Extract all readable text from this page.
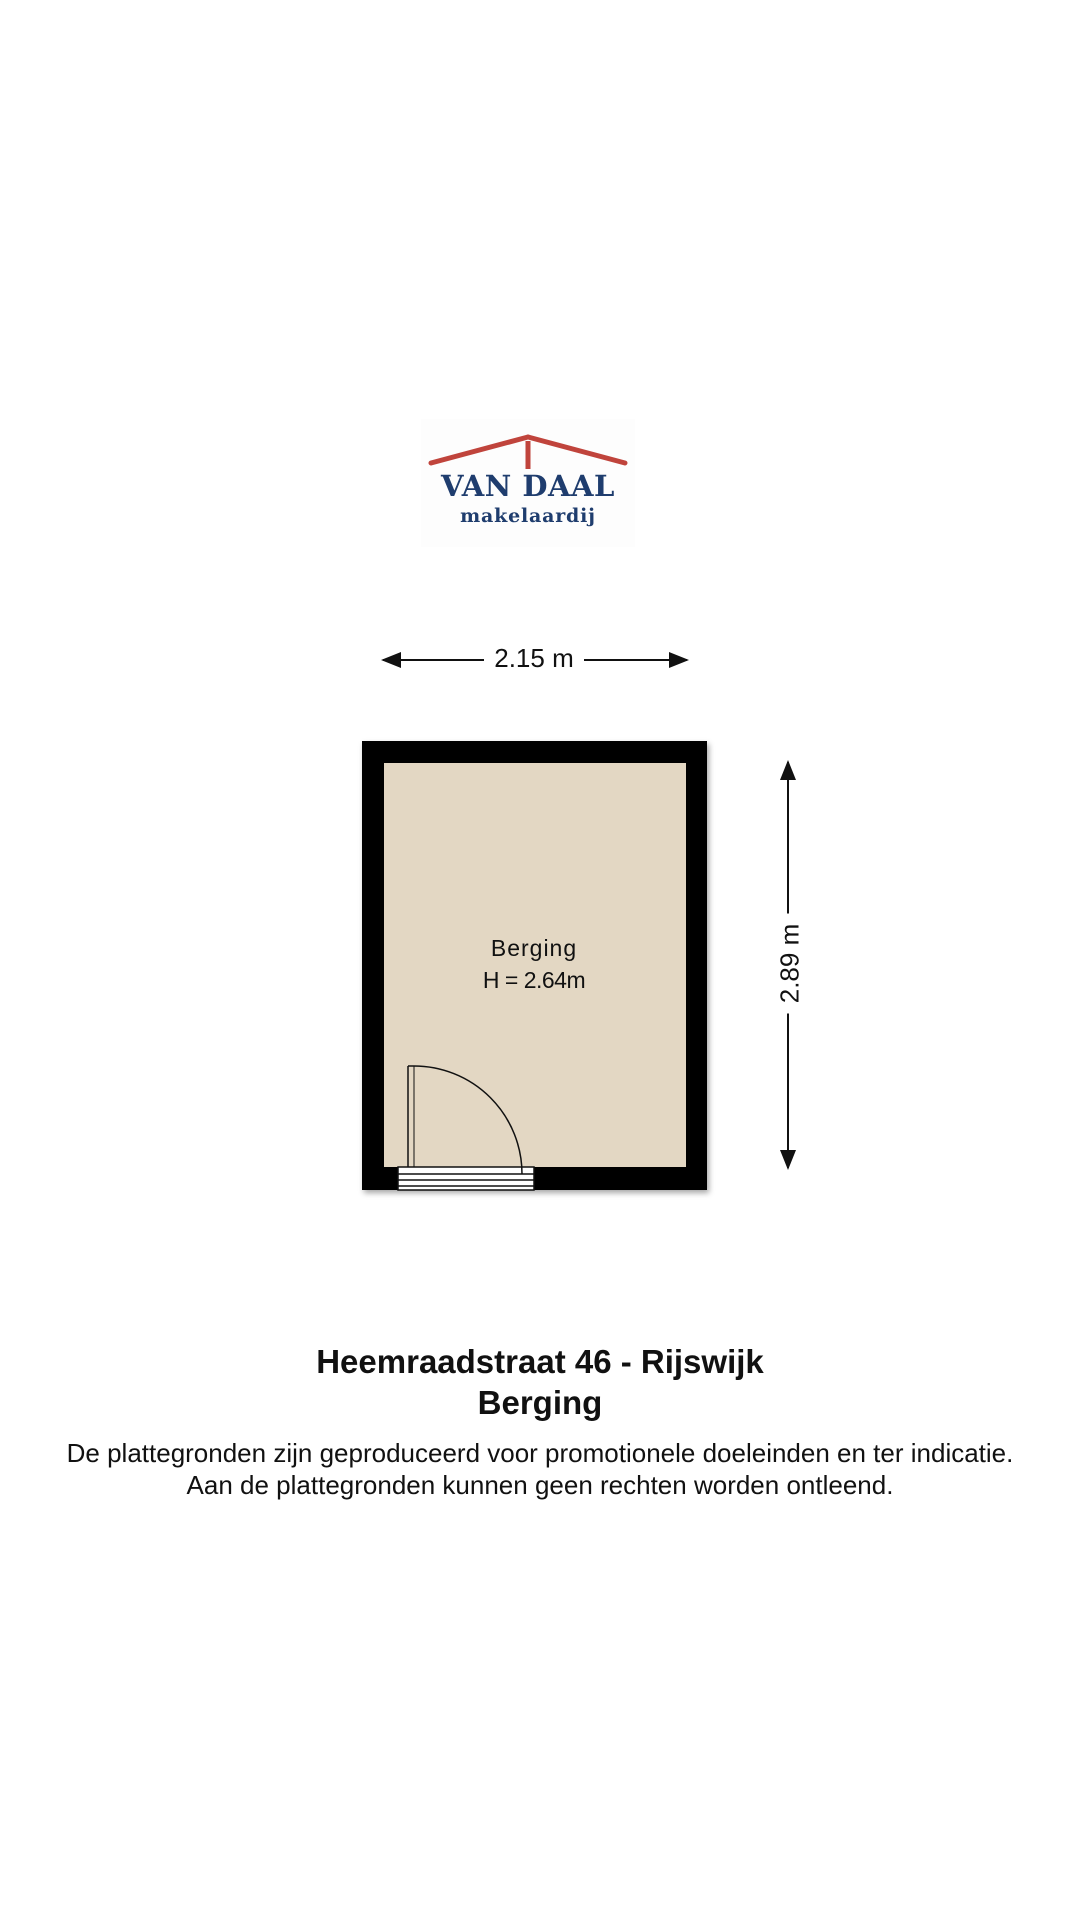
VAN DAAL
makelaardij
2.15 m
2.89 m
Berging
H = 2.64m
Heemraadstraat 46 - Rijswijk
Berging
De plattegronden zijn geproduceerd voor promotionele doeleinden en ter indicatie.
Aan de plattegronden kunnen geen rechten worden ontleend.
